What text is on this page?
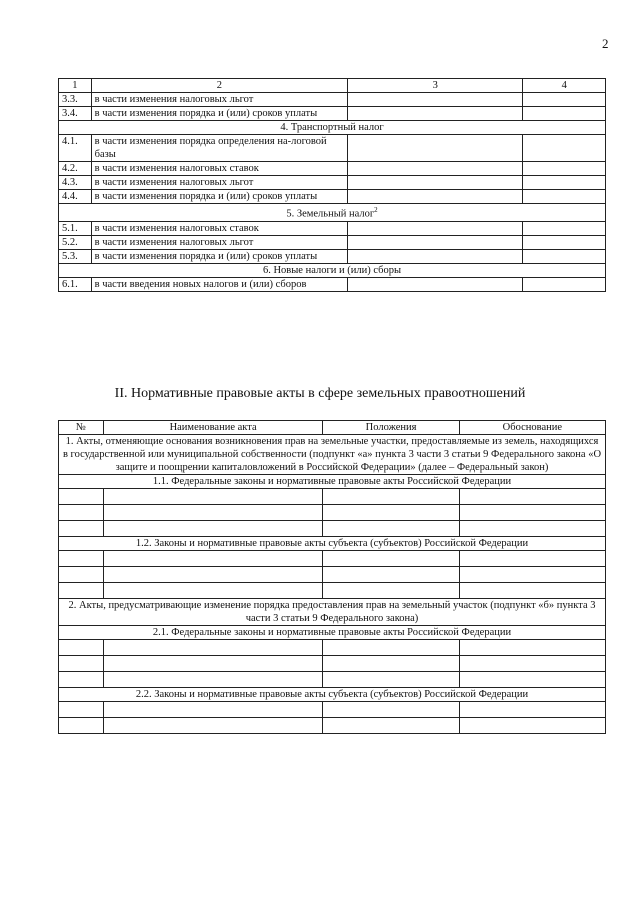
2
1	2	3	4
3.3.	в части изменения налоговых льгот		
3.4.	в части изменения порядка и (или) сроков уплаты		
4. Транспортный налог			
4.1.	в части изменения порядка определения на-логовой базы		
4.2.	в части изменения налоговых ставок		
4.3.	в части изменения налоговых льгот		
4.4.	в части изменения порядка и (или) сроков уплаты		
5. Земельный налог$^2$
5.1.	в части изменения налоговых ставок		
5.2.	в части изменения налоговых льгот		
5.3.	в части изменения порядка и (или) сроков уплаты		
6. Новые налоги и (или) сборы			
6.1.	в части введения новых налогов и (или) сборов		
II. Нормативные правовые акты в сфере земельных правоотношений
№	Наименование акта	Положения	Обоснование
1. Акты, отменяющие основания возникновения прав на земельные участки, предоставляемые из земель, находящихся в государственной или муниципальной собственности (подпункт «а» пункта 3 части 3 статьи 9 Федерального закона «О защите и поощрении капиталовложений в Российской Федерации» (далее – Федеральный закон)			
1.1. Федеральные законы и нормативные правовые акты Российской Федерации			

1.2. Законы и нормативные правовые акты субъекта (субъектов) Российской Федерации			

2. Акты, предусматривающие изменение порядка предоставления прав на земельный участок (подпункт «б» пункта 3 части 3 статьи 9 Федерального закона)			
2.1. Федеральные законы и нормативные правовые акты Российской Федерации			

2.2. Законы и нормативные правовые акты субъекта (субъектов) Российской Федерации			
